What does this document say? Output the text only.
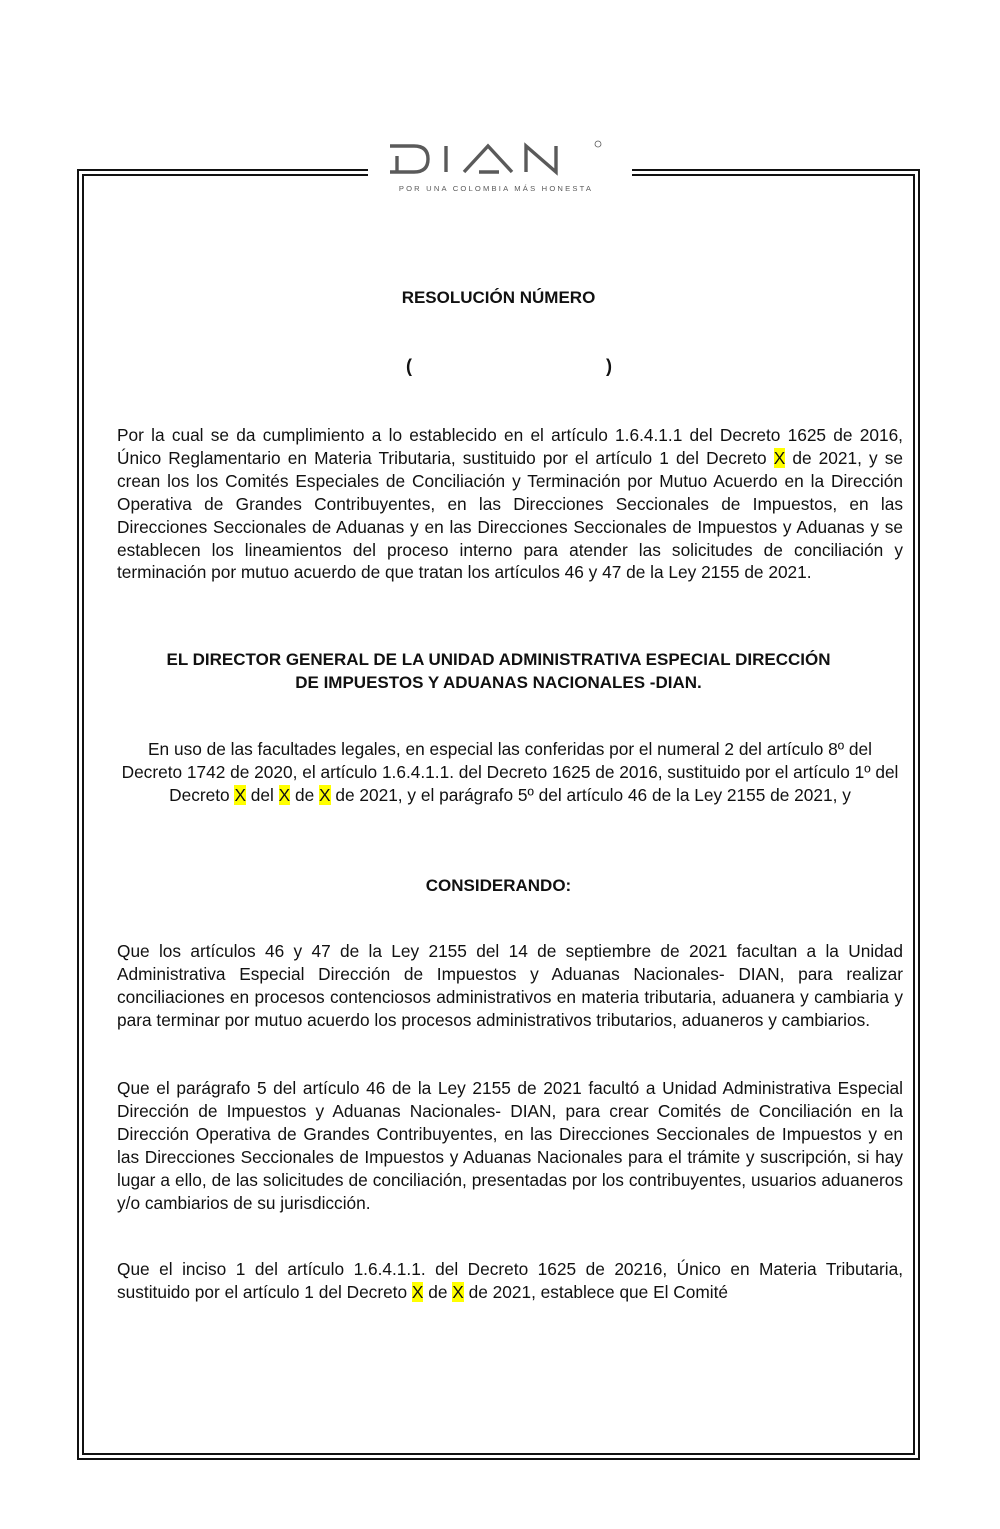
POR UNA COLOMBIA MÁS HONESTA
RESOLUCIÓN NÚMERO
(	)

Por la cual se da cumplimiento a lo establecido en el artículo 1.6.4.1.1 del Decreto 1625 de 2016, Único Reglamentario en Materia Tributaria, sustituido por el artículo 1 del Decreto X de 2021, y se crean los los Comités Especiales de Conciliación y Terminación por Mutuo Acuerdo en la Dirección Operativa de Grandes Contribuyentes, en las Direcciones Seccionales de Impuestos, en las Direcciones Seccionales de Aduanas y en las Direcciones Seccionales de Impuestos y Aduanas y se establecen los lineamientos del proceso interno para atender las solicitudes de conciliación y terminación por mutuo acuerdo de que tratan los artículos 46 y 47 de la Ley 2155 de 2021.

EL DIRECTOR GENERAL DE LA UNIDAD ADMINISTRATIVA ESPECIAL DIRECCIÓN
DE IMPUESTOS Y ADUANAS NACIONALES -DIAN.

En uso de las facultades legales, en especial las conferidas por el numeral 2 del artículo 8º del Decreto 1742 de 2020, el artículo 1.6.4.1.1. del Decreto 1625 de 2016, sustituido por el artículo 1º del Decreto X del X de X de 2021, y el parágrafo 5º del artículo 46 de la Ley 2155 de 2021, y

CONSIDERANDO:

Que los artículos 46 y 47 de la Ley 2155 del 14 de septiembre de 2021 facultan a la Unidad Administrativa Especial Dirección de Impuestos y Aduanas Nacionales- DIAN, para realizar conciliaciones en procesos contenciosos administrativos en materia tributaria, aduanera y cambiaria y para terminar por mutuo acuerdo los procesos administrativos tributarios, aduaneros y cambiarios.

Que el parágrafo 5 del artículo 46 de la Ley 2155 de 2021 facultó a Unidad Administrativa Especial Dirección de Impuestos y Aduanas Nacionales- DIAN, para crear Comités de Conciliación en la Dirección Operativa de Grandes Contribuyentes, en las Direcciones Seccionales de Impuestos y en las Direcciones Seccionales de Impuestos y Aduanas Nacionales para el trámite y suscripción, si hay lugar a ello, de las solicitudes de conciliación, presentadas por los contribuyentes, usuarios aduaneros y/o cambiarios de su jurisdicción.

Que el inciso 1 del artículo 1.6.4.1.1. del Decreto 1625 de 20216, Único en Materia Tributaria, sustituido por el artículo 1 del Decreto X de X de 2021, establece que El Comité
